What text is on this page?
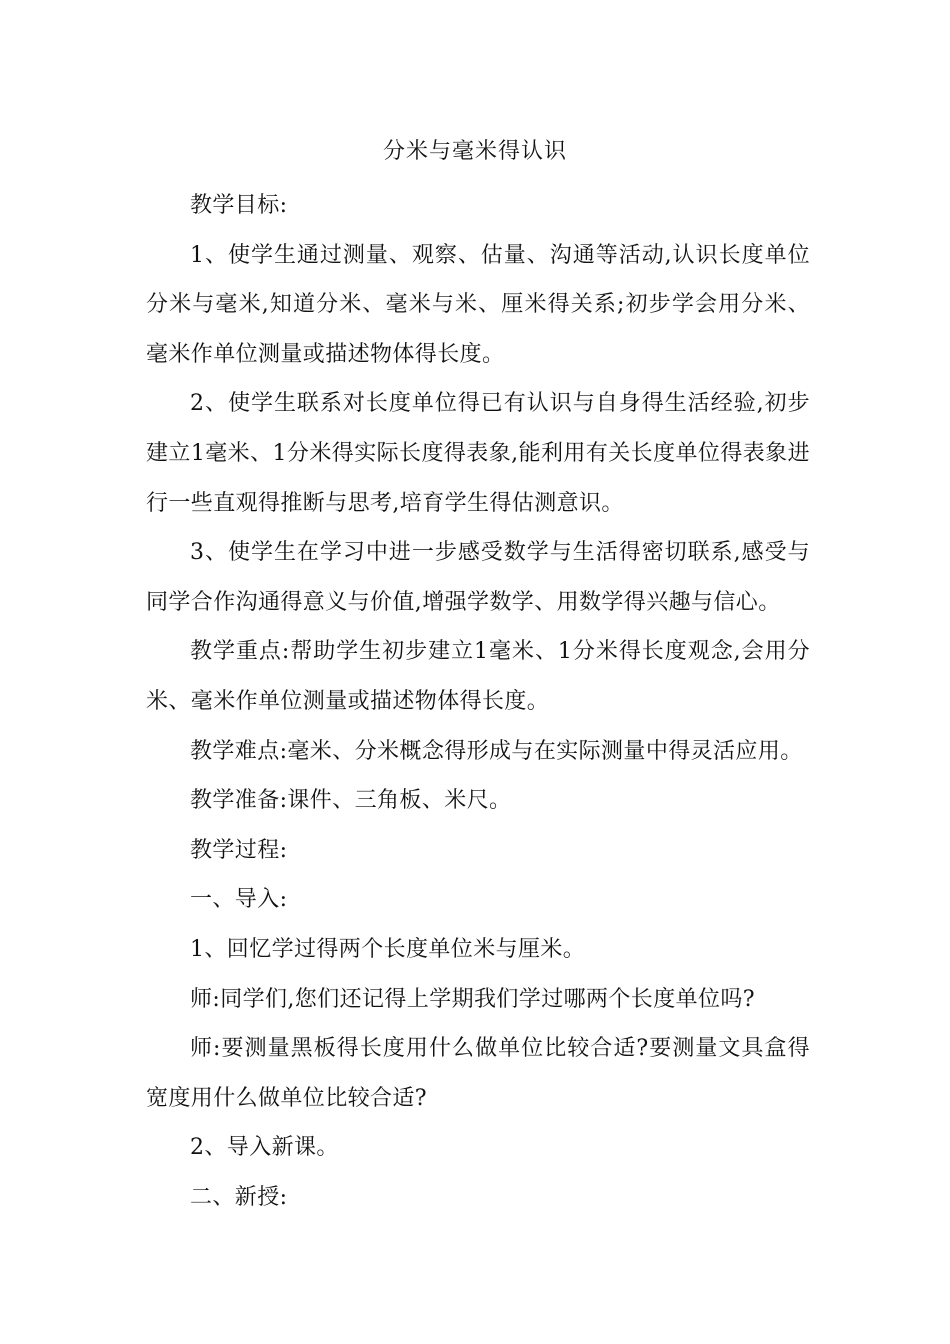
分米与毫米得认识

教学目标:

1、使学生通过测量、观察、估量、沟通等活动,认识长度单位分米与毫米,知道分米、毫米与米、厘米得关系;初步学会用分米、毫米作单位测量或描述物体得长度。

2、使学生联系对长度单位得已有认识与自身得生活经验,初步建立1毫米、1分米得实际长度得表象,能利用有关长度单位得表象进行一些直观得推断与思考,培育学生得估测意识。

3、使学生在学习中进一步感受数学与生活得密切联系,感受与同学合作沟通得意义与价值,增强学数学、用数学得兴趣与信心。

教学重点:帮助学生初步建立1毫米、1分米得长度观念,会用分米、毫米作单位测量或描述物体得长度。

教学难点:毫米、分米概念得形成与在实际测量中得灵活应用。

教学准备:课件、三角板、米尺。

教学过程:

一、导入:

1、回忆学过得两个长度单位米与厘米。

师:同学们,您们还记得上学期我们学过哪两个长度单位吗?

师:要测量黑板得长度用什么做单位比较合适?要测量文具盒得宽度用什么做单位比较合适?

2、导入新课。

二、新授:
